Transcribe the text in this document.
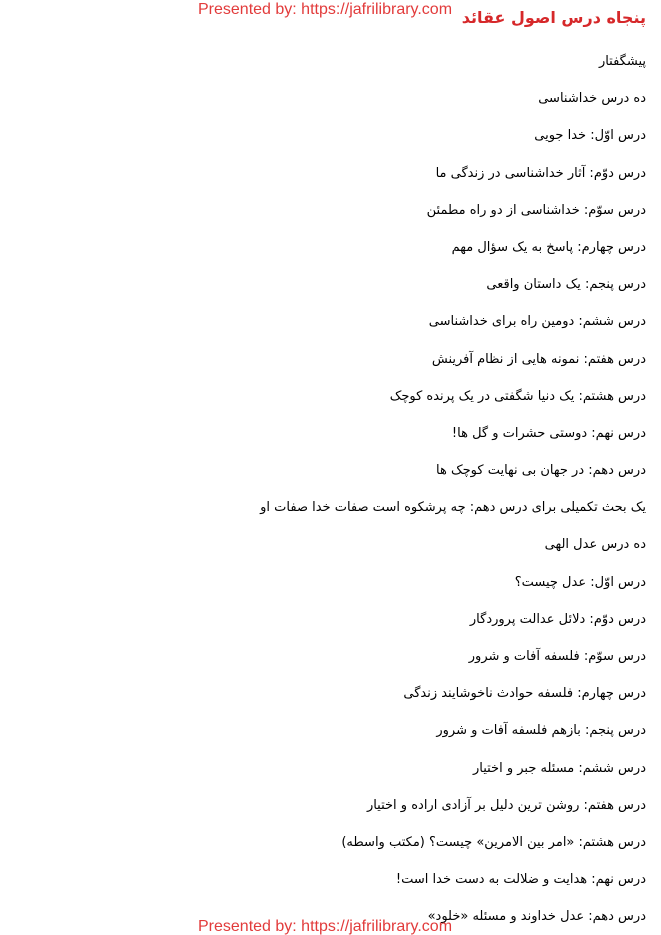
Presented by: https://jafrilibrary.com پنجاه درس اصول عقائد
پیشگفتار
ده درس خداشناسی
درس اوّل: خدا جویی
درس دوّم: آثار خداشناسی در زندگی ما
درس سوّم: خداشناسی از دو راه مطمئن
درس چهارم: پاسخ به یک سؤال مهم
درس پنجم: یک داستان واقعی
درس ششم: دومین راه برای خداشناسی
درس هفتم: نمونه هایی از نظام آفرینش
درس هشتم: یک دنیا شگفتی در یک پرنده کوچک
درس نهم: دوستی حشرات و گل ها!
درس دهم: در جهان بی نهایت کوچک ها
یک بحث تکمیلی برای درس دهم: چه پرشکوه است صفات خدا صفات او
ده درس عدل الهی
درس اوّل: عدل چیست؟
درس دوّم: دلائل عدالت پروردگار
درس سوّم: فلسفه آفات و شرور
درس چهارم: فلسفه حوادث ناخوشایند زندگی
درس پنجم: بازهم فلسفه آفات و شرور
درس ششم: مسئله جبر و اختیار
درس هفتم: روشن ترین دلیل بر آزادی اراده و اختیار
درس هشتم: «امر بین الامرین» چیست؟ (مکتب واسطه)
درس نهم: هدایت و ضلالت به دست خدا است!
درس دهم: عدل خداوند و مسئله «خلود»
Presented by: https://jafrilibrary.com
